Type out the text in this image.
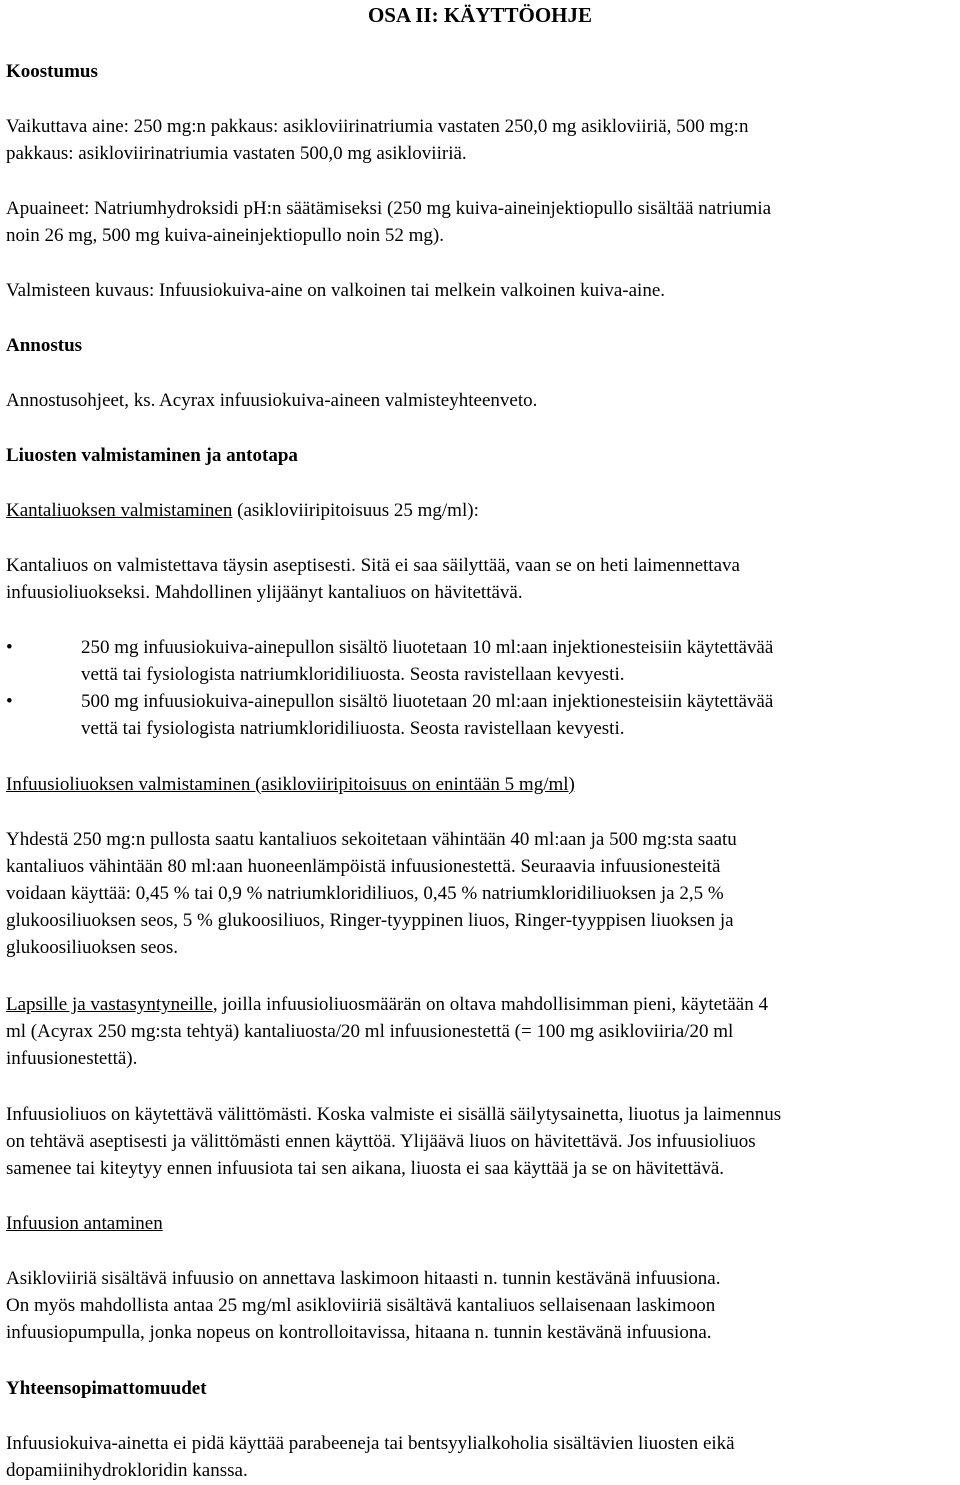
OSA II: KÄYTTÖOHJE
Koostumus
Vaikuttava aine: 250 mg:n pakkaus: asikloviirinatriumia vastaten 250,0 mg asikloviiriä, 500 mg:n
pakkaus: asikloviirinatriumia vastaten 500,0 mg asikloviiriä.
Apuaineet: Natriumhydroksidi pH:n säätämiseksi (250 mg kuiva-aineinjektiopullo sisältää natriumia
noin 26 mg, 500 mg kuiva-aineinjektiopullo noin 52 mg).
Valmisteen kuvaus: Infuusiokuiva-aine on valkoinen tai melkein valkoinen kuiva-aine.
Annostus
Annostusohjeet, ks. Acyrax infuusiokuiva-aineen valmisteyhteenveto.
Liuosten valmistaminen ja antotapa
Kantaliuoksen valmistaminen (asikloviiripitoisuus 25 mg/ml):
Kantaliuos on valmistettava täysin aseptisesti. Sitä ei saa säilyttää, vaan se on heti laimennettava
infuusioliuokseksi. Mahdollinen ylijäänyt kantaliuos on hävitettävä.
•	250 mg infuusiokuiva-ainepullon sisältö liuotetaan 10 ml:aan injektionesteisiin käytettävää
vettä tai fysiologista natriumkloridiliuosta. Seosta ravistellaan kevyesti.
•	500 mg infuusiokuiva-ainepullon sisältö liuotetaan 20 ml:aan injektionesteisiin käytettävää
vettä tai fysiologista natriumkloridiliuosta. Seosta ravistellaan kevyesti.
Infuusioliuoksen valmistaminen (asikloviiripitoisuus on enintään 5 mg/ml)
Yhdestä 250 mg:n pullosta saatu kantaliuos sekoitetaan vähintään 40 ml:aan ja 500 mg:sta saatu
kantaliuos vähintään 80 ml:aan huoneenlämpöistä infuusionestettä. Seuraavia infuusionesteitä
voidaan käyttää: 0,45 % tai 0,9 % natriumkloridiliuos, 0,45 % natriumkloridiliuoksen ja 2,5 %
glukoosiliuoksen seos, 5 % glukoosiliuos, Ringer-tyyppinen liuos, Ringer-tyyppisen liuoksen ja
glukoosiliuoksen seos.
Lapsille ja vastasyntyneille, joilla infuusioliuosmäärän on oltava mahdollisimman pieni, käytetään 4
ml (Acyrax 250 mg:sta tehtyä) kantaliuosta/20 ml infuusionestettä (= 100 mg asikloviiria/20 ml
infuusionestettä).
Infuusioliuos on käytettävä välittömästi. Koska valmiste ei sisällä säilytysainetta, liuotus ja laimennus
on tehtävä aseptisesti ja välittömästi ennen käyttöä. Ylijäävä liuos on hävitettävä. Jos infuusioliuos
samenee tai kiteytyy ennen infuusiota tai sen aikana, liuosta ei saa käyttää ja se on hävitettävä.
Infuusion antaminen
Asikloviiriä sisältävä infuusio on annettava laskimoon hitaasti n. tunnin kestävänä infuusiona.
On myös mahdollista antaa 25 mg/ml asikloviiriä sisältävä kantaliuos sellaisenaan laskimoon
infuusiopumpulla, jonka nopeus on kontrolloitavissa, hitaana n. tunnin kestävänä infuusiona.
Yhteensopimattomuudet
Infuusiokuiva-ainetta ei pidä käyttää parabeeneja tai bentsyylialkoholia sisältävien liuosten eikä
dopamiinihydrokloridin kanssa.
